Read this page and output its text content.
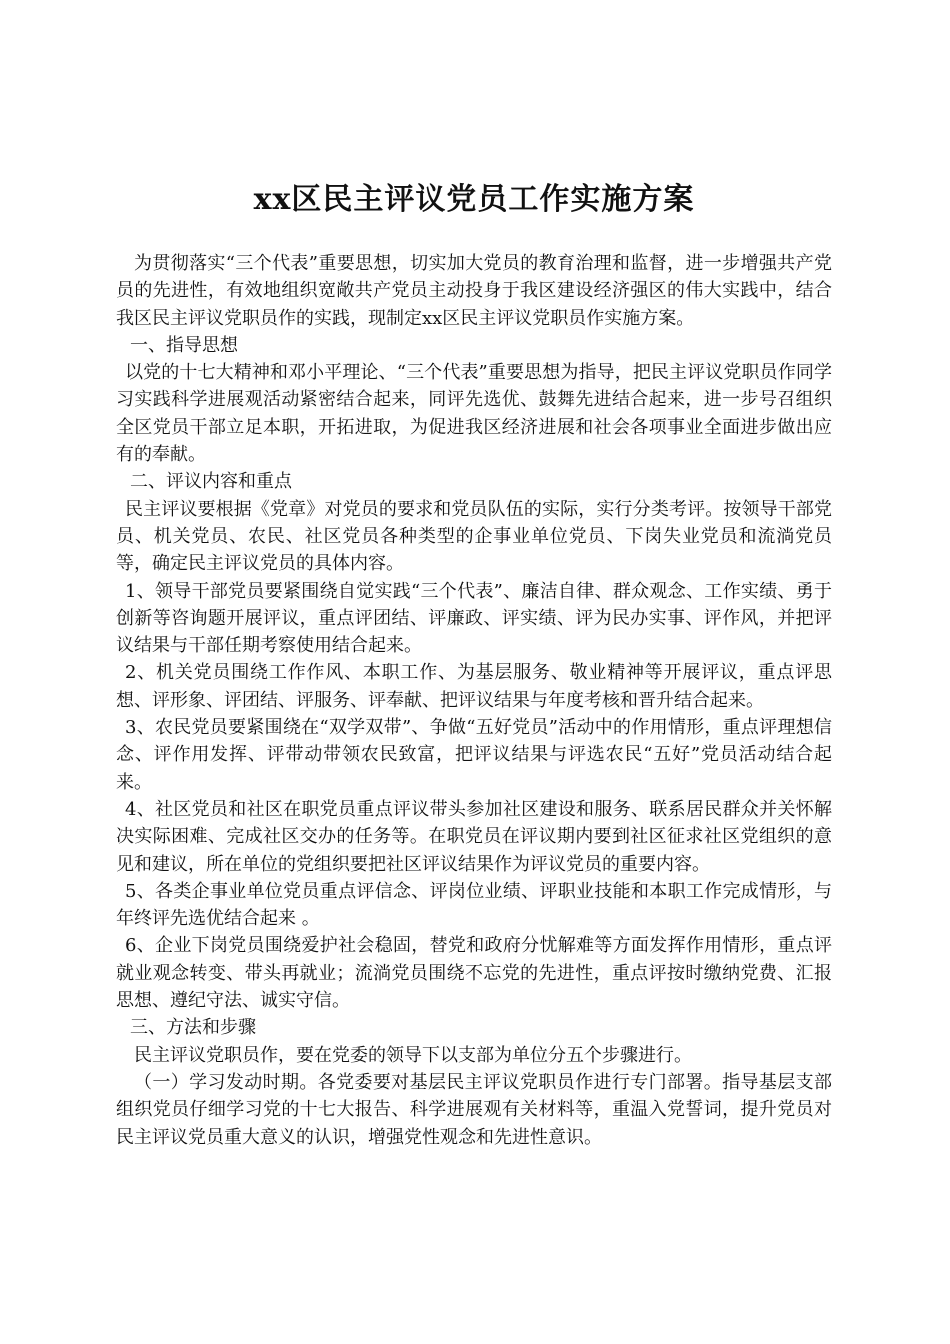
xx区民主评议党员工作实施方案

为贯彻落实“三个代表”重要思想，切实加大党员的教育治理和监督，进一步增强共产党员的先进性，有效地组织宽敞共产党员主动投身于我区建设经济强区的伟大实践中，结合我区民主评议党职员作的实践，现制定xx区民主评议党职员作实施方案。

一、指导思想

以党的十七大精神和邓小平理论、“三个代表”重要思想为指导，把民主评议党职员作同学习实践科学进展观活动紧密结合起来，同评先选优、鼓舞先进结合起来，进一步号召组织全区党员干部立足本职，开拓进取，为促进我区经济进展和社会各项事业全面进步做出应有的奉献。

二、评议内容和重点

民主评议要根据《党章》对党员的要求和党员队伍的实际，实行分类考评。按领导干部党员、机关党员、农民、社区党员各种类型的企事业单位党员、下岗失业党员和流淌党员等，确定民主评议党员的具体内容。

1、领导干部党员要紧围绕自觉实践“三个代表”、廉洁自律、群众观念、工作实绩、勇于创新等咨询题开展评议，重点评团结、评廉政、评实绩、评为民办实事、评作风，并把评议结果与干部任期考察使用结合起来。

2、机关党员围绕工作作风、本职工作、为基层服务、敬业精神等开展评议，重点评思想、评形象、评团结、评服务、评奉献、把评议结果与年度考核和晋升结合起来。

3、农民党员要紧围绕在“双学双带”、争做“五好党员”活动中的作用情形，重点评理想信念、评作用发挥、评带动带领农民致富，把评议结果与评选农民“五好”党员活动结合起来。

4、社区党员和社区在职党员重点评议带头参加社区建设和服务、联系居民群众并关怀解决实际困难、完成社区交办的任务等。在职党员在评议期内要到社区征求社区党组织的意见和建议，所在单位的党组织要把社区评议结果作为评议党员的重要内容。

5、各类企事业单位党员重点评信念、评岗位业绩、评职业技能和本职工作完成情形，与年终评先选优结合起来 。

6、企业下岗党员围绕爱护社会稳固，替党和政府分忧解难等方面发挥作用情形，重点评就业观念转变、带头再就业；流淌党员围绕不忘党的先进性，重点评按时缴纳党费、汇报思想、遵纪守法、诚实守信。

三、方法和步骤

民主评议党职员作，要在党委的领导下以支部为单位分五个步骤进行。

（一）学习发动时期。各党委要对基层民主评议党职员作进行专门部署。指导基层支部组织党员仔细学习党的十七大报告、科学进展观有关材料等，重温入党誓词，提升党员对民主评议党员重大意义的认识，增强党性观念和先进性意识。
